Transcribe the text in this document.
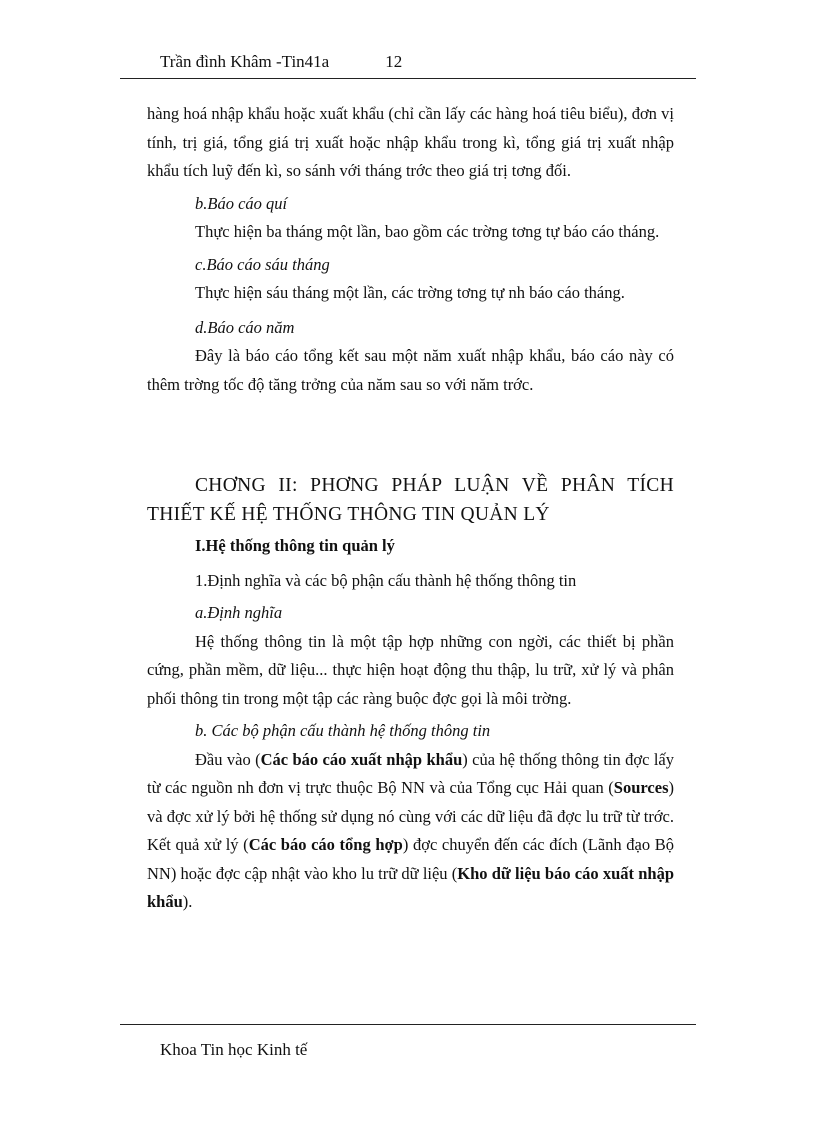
Trần đình Khâm -Tin41a	12

hàng hoá nhập khẩu hoặc xuất khẩu (chỉ cần lấy các hàng hoá tiêu biểu), đơn vị tính, trị giá, tổng giá trị xuất hoặc nhập khẩu trong kì, tổng giá trị xuất nhập khẩu tích luỹ đến kì, so sánh với tháng trớc theo giá trị tơng đối.

b.Báo cáo quí

Thực hiện ba tháng một lần, bao gồm các trờng tơng tự báo cáo tháng.

c.Báo cáo sáu tháng

Thực hiện sáu tháng một lần, các trờng tơng tự nh báo cáo tháng.

d.Báo cáo năm

Đây là báo cáo tổng kết sau một năm xuất nhập khẩu, báo cáo này có thêm trờng tốc độ tăng trởng của năm sau so với năm trớc.

CHƠNG II: PHƠNG PHÁP LUẬN VỀ PHÂN TÍCH THIẾT KẾ HỆ THỐNG THÔNG TIN QUẢN LÝ

I.Hệ thống thông tin quản lý

1.Định nghĩa và các bộ phận cấu thành hệ thống thông tin

a.Định nghĩa

Hệ thống thông tin là một tập hợp những con ngời, các thiết bị phần cứng, phần mềm, dữ liệu... thực hiện hoạt động thu thập, lu trữ, xử lý và phân phối thông tin trong một tập các ràng buộc đợc gọi là môi trờng.

b. Các bộ phận cấu thành hệ thống thông tin

Đầu vào (Các báo cáo xuất nhập khẩu) của hệ thống thông tin đợc lấy từ các nguồn nh đơn vị trực thuộc Bộ NN và của Tổng cục Hải quan (Sources) và đợc xử lý bởi hệ thống sử dụng nó cùng với các dữ liệu đã đợc lu trữ từ trớc. Kết quả xử lý (Các báo cáo tổng hợp) đợc chuyển đến các đích (Lãnh đạo Bộ NN) hoặc đợc cập nhật vào kho lu trữ dữ liệu (Kho dữ liệu báo cáo xuất nhập khẩu).

Khoa Tin học Kinh tế
